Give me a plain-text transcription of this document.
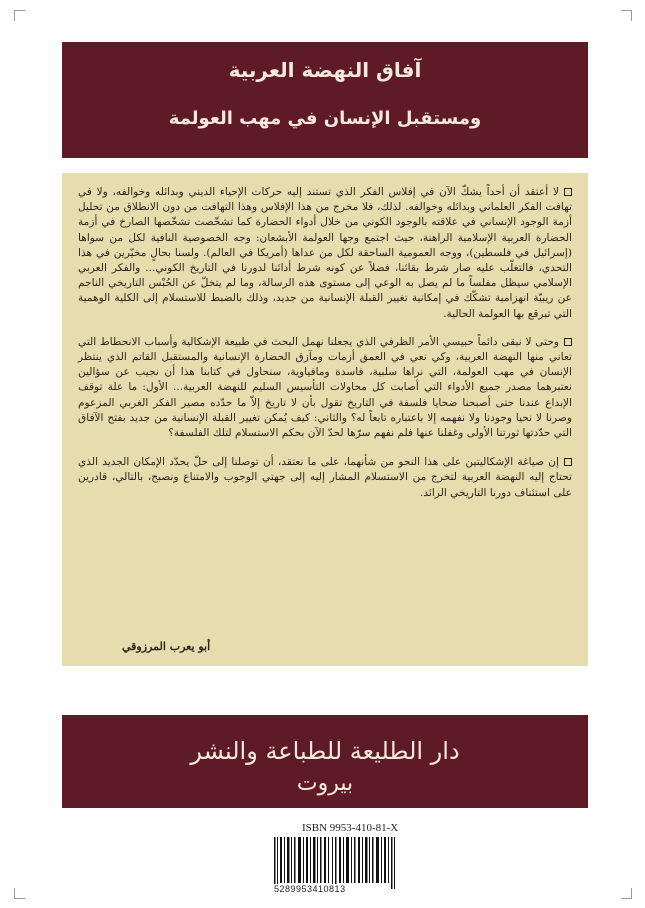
آفاق النهضة العربية
ومستقبل الإنسان في مهب العولمة

لا أعتقد أن أحداً يشكّ الآن في إفلاس الفكر الذي تستند إليه حركات الإحياء الديني وبدائله وخوالفه، ولا في تهافت الفكر العلماني وبدائله وخوالفه. لذلك، فلا مخرج من هذا الإفلاس وهذا التهافت من دون الانطلاق من تحليل أزمة الوجود الإنساني في علاقته بالوجود الكوني من خلال أدواء الحضارة كما تشخّصت تشخّصها الصارخ في أزمة الحضارة العربية الإسلامية الراهنة، حيث اجتمع وجها العولمة الأبشعان: وجه الخصوصية النافية لكل من سواها (إسرائيل في فلسطين)، ووجه العمومية الساحقة لكل من عداها (أمريكا في العالم). ولسنا بحالٍ مخيّرين في هذا التحدي، فالتغلّب عليه صار شرط بقائنا، فضلاً عن كونه شرط أدائنا لدورنا في التاريخ الكوني... والفكر العربي الإسلامي سيظل مفلساً ما لم يصل به الوعي إلى مستوى هذه الرسالة، وما لم يتخلّ عن الحُبْس التاريخي الناجم عن ريبيّة انهزامية تشكّك في إمكانية تغيير القبلة الإنسانية من جديد، وذلك بالضبط للاستسلام إلى الكلية الوهمية التي تبرقع بها العولمة الحالية.

وحتى لا نبقى دائماً حبيسي الأمر الظرفي الذي يجعلنا نهمل البحث في طبيعة الإشكالية وأسباب الانحطاط التي تعاني منها النهضة العربية، وكي نعي في العمق أزمات ومآزق الحضارة الإنسانية والمستقبل القاتم الذي ينتظر الإنسان في مهب العولمة، التي نراها سلبية، فاسدة ومافياوية، سنحاول في كتابنا هذا أن نجيب عن سؤالين نعتبرهما مصدر جميع الأدواء التي أصابت كل محاولات التأسيس السليم للنهضة العربية... الأول: ما علة توقف الإبداع عندنا حتى أصبحنا ضحايا فلسفة في التاريخ تقول بأن لا تاريخ إلاّ ما حدّده مصير الفكر الغربي المزعوم وصرنا لا نحيا وجودنا ولا نفهمه إلا باعتباره تابعاً له؟ والثاني: كيف يُمكن تغيير القبلة الإنسانية من جديد بفتح الآفاق التي حدّدتها ثورتنا الأولى وغفلنا عنها فلم نفهم سرّها لحدّ الآن بحكم الاستسلام لتلك الفلسفة؟

إن صياغة الإشكاليتين على هذا النحو من شأنهما، على ما نعتقد، أن توصلنا إلى حلّ يحدّد الإمكان الجديد الذي تحتاج إليه النهضة العربية لتخرج من الاستسلام المشار إليه إلى جهتي الوجوب والامتناع ونصبح، بالتالي، قادرين على استئناف دورنا التاريخي الرائد.

أبو يعرب المرزوقي
دار الطليعة للطباعة والنشر
بيروت
ISBN 9953-410-81-X
5289953410813
